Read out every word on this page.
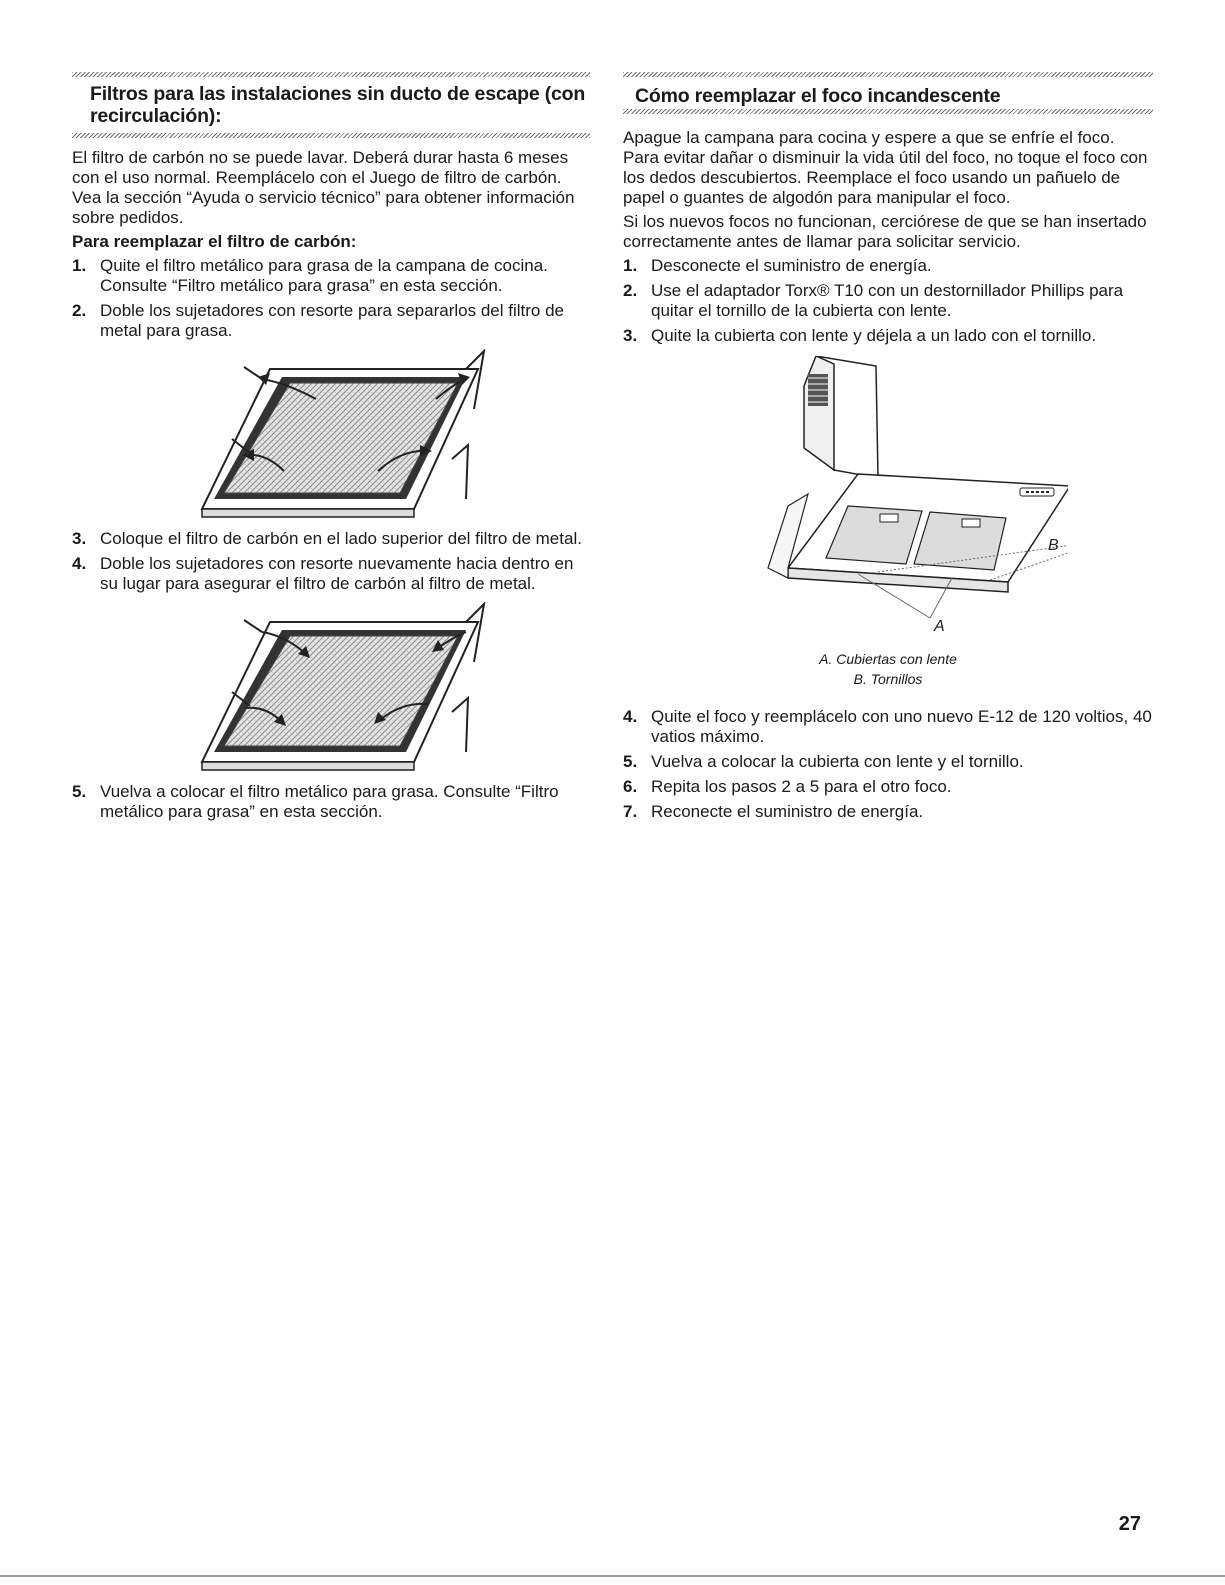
Filtros para las instalaciones sin ducto de escape (con recirculación):

El filtro de carbón no se puede lavar. Deberá durar hasta 6 meses con el uso normal. Reemplácelo con el Juego de filtro de carbón. Vea la sección “Ayuda o servicio técnico” para obtener información sobre pedidos.

Para reemplazar el filtro de carbón:
1. Quite el filtro metálico para grasa de la campana de cocina. Consulte “Filtro metálico para grasa” en esta sección.
2. Doble los sujetadores con resorte para separarlos del filtro de metal para grasa.
3. Coloque el filtro de carbón en el lado superior del filtro de metal.
4. Doble los sujetadores con resorte nuevamente hacia dentro en su lugar para asegurar el filtro de carbón al filtro de metal.
5. Vuelva a colocar el filtro metálico para grasa. Consulte “Filtro metálico para grasa” en esta sección.
Cómo reemplazar el foco incandescente

Apague la campana para cocina y espere a que se enfríe el foco. Para evitar dañar o disminuir la vida útil del foco, no toque el foco con los dedos descubiertos. Reemplace el foco usando un pañuelo de papel o guantes de algodón para manipular el foco.

Si los nuevos focos no funcionan, cerciórese de que se han insertado correctamente antes de llamar para solicitar servicio.

1. Desconecte el suministro de energía.
2. Use el adaptador Torx® T10 con un destornillador Phillips para quitar el tornillo de la cubierta con lente.
3. Quite la cubierta con lente y déjela a un lado con el tornillo.
A
B
A. Cubiertas con lente
B. Tornillos
4. Quite el foco y reemplácelo con uno nuevo E-12 de 120 voltios, 40 vatios máximo.
5. Vuelva a colocar la cubierta con lente y el tornillo.
6. Repita los pasos 2 a 5 para el otro foco.
7. Reconecte el suministro de energía.
27
